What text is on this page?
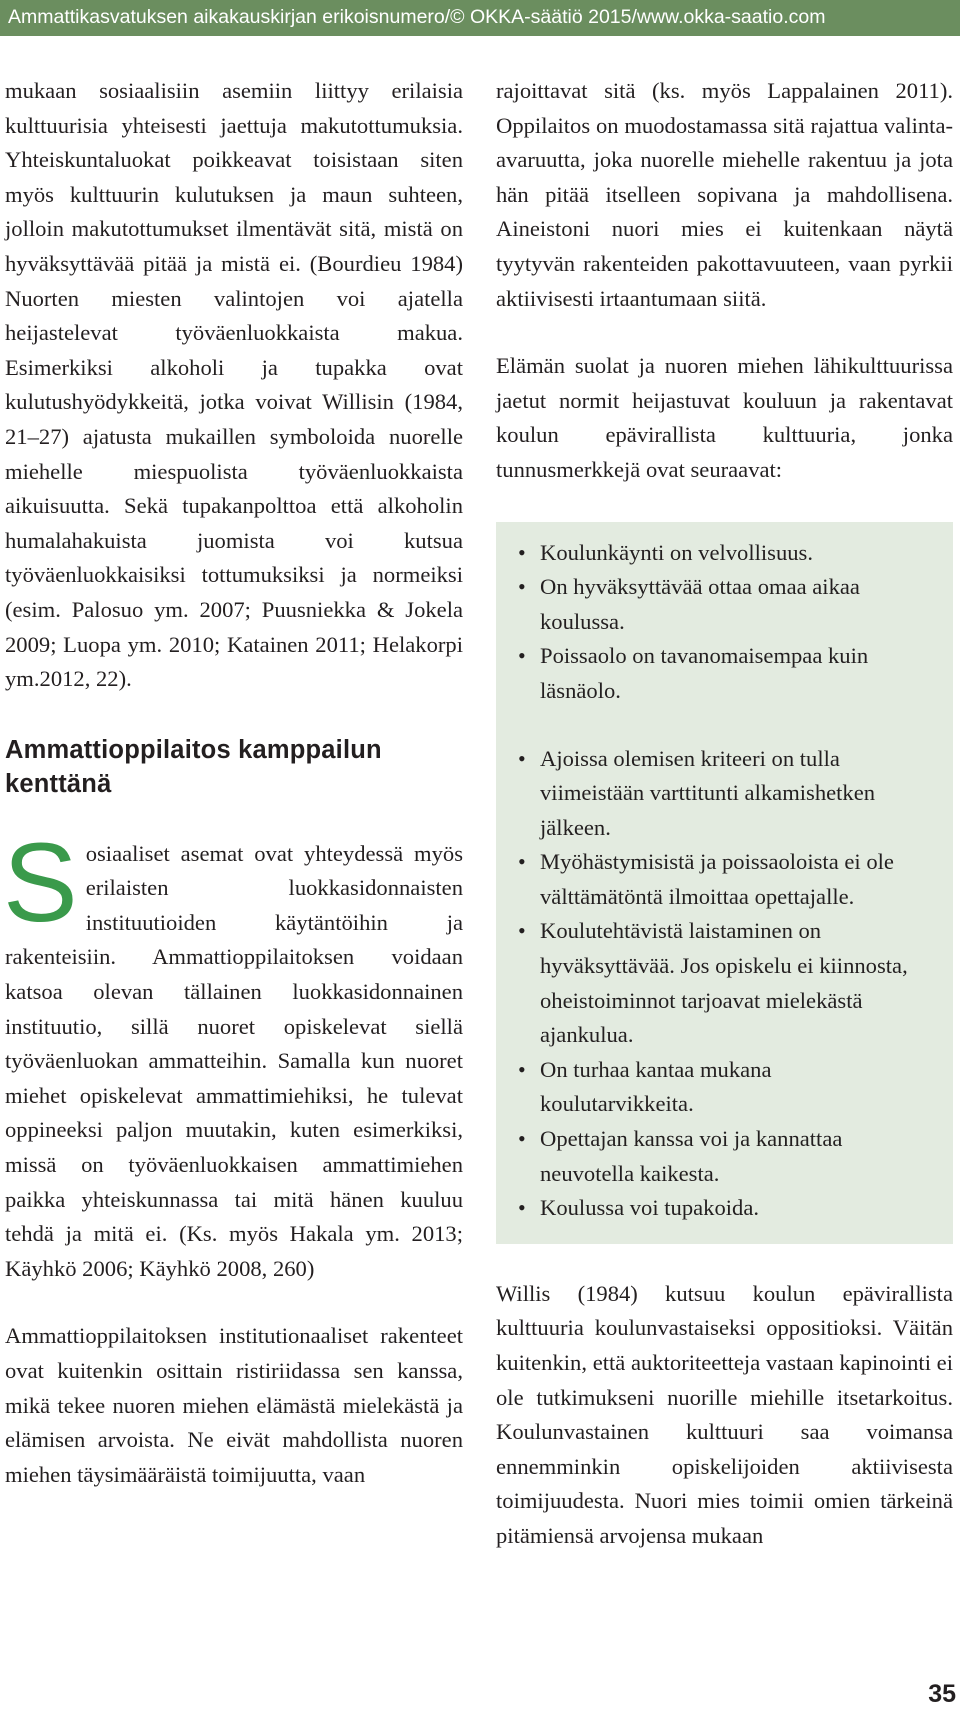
Ammattikasvatuksen aikakauskirjan erikoisnumero/© OKKA-säätiö 2015/www.okka-saatio.com

mukaan sosiaalisiin asemiin liittyy erilaisia kulttuurisia yhteisesti jaettuja makutottumuksia. Yhteiskuntaluokat poikkeavat toisistaan siten myös kulttuurin kulutuksen ja maun suhteen, jolloin makutottumukset ilmentävät sitä, mistä on hyväksyttävää pitää ja mistä ei. (Bourdieu 1984) Nuorten miesten valintojen voi ajatella heijastelevat työväenluokkaista makua. Esimerkiksi alkoholi ja tupakka ovat kulutushyödykkeitä, jotka voivat Willisin (1984, 21–27) ajatusta mukaillen symboloida nuorelle miehelle miespuolista työväenluokkaista aikuisuutta. Sekä tupakanpolttoa että alkoholin humalahakuista juomista voi kutsua työväenluokkaisiksi tottumuksiksi ja normeiksi (esim. Palosuo ym. 2007; Puusniekka & Jokela 2009; Luopa ym. 2010; Katainen 2011; Helakorpi ym.2012, 22).

Ammattioppilaitos kamppailun kenttänä

Sosiaaliset asemat ovat yhteydessä myös erilaisten luokkasidonnaisten instituutioiden käytäntöihin ja rakenteisiin. Ammattioppilaitoksen voidaan katsoa olevan tällainen luokkasidonnainen instituutio, sillä nuoret opiskelevat siellä työväenluokan ammatteihin. Samalla kun nuoret miehet opiskelevat ammattimiehiksi, he tulevat oppineeksi paljon muutakin, kuten esimerkiksi, missä on työväenluokkaisen ammattimiehen paikka yhteiskunnassa tai mitä hänen kuuluu tehdä ja mitä ei. (Ks. myös Hakala ym. 2013; Käyhkö 2006; Käyhkö 2008, 260)

Ammattioppilaitoksen institutionaaliset rakenteet ovat kuitenkin osittain ristiriidassa sen kanssa, mikä tekee nuoren miehen elämästä mielekästä ja elämisen arvoista. Ne eivät mahdollista nuoren miehen täysimääräistä toimijuutta, vaan

rajoittavat sitä (ks. myös Lappalainen 2011). Oppilaitos on muodostamassa sitä rajattua valinta-avaruutta, joka nuorelle miehelle rakentuu ja jota hän pitää itselleen sopivana ja mahdollisena. Aineistoni nuori mies ei kuitenkaan näytä tyytyvän rakenteiden pakottavuuteen, vaan pyrkii aktiivisesti irtaantumaan siitä.

Elämän suolat ja nuoren miehen lähikulttuurissa jaetut normit heijastuvat kouluun ja rakentavat koulun epävirallista kulttuuria, jonka tunnusmerkkejä ovat seuraavat:

• Koulunkäynti on velvollisuus.
• On hyväksyttävää ottaa omaa aikaa koulussa.
• Poissaolo on tavanomaisempaa kuin läsnäolo.
• Ajoissa olemisen kriteeri on tulla viimeistään varttitunti alkamishetken jälkeen.
• Myöhästymisistä ja poissaoloista ei ole välttämätöntä ilmoittaa opettajalle.
• Koulutehtävistä laistaminen on hyväksyttävää. Jos opiskelu ei kiinnosta, oheistoiminnot tarjoavat mielekästä ajankulua.
• On turhaa kantaa mukana koulutarvikkeita.
• Opettajan kanssa voi ja kannattaa neuvotella kaikesta.
• Koulussa voi tupakoida.

Willis (1984) kutsuu koulun epävirallista kulttuuria koulunvastaiseksi oppositioksi. Väitän kuitenkin, että auktoriteetteja vastaan kapinointi ei ole tutkimukseni nuorille miehille itsetarkoitus. Koulunvastainen kulttuuri saa voimansa ennemminkin opiskelijoiden aktiivisesta toimijuudesta. Nuori mies toimii omien tärkeinä pitämiensä arvojensa mukaan

35
